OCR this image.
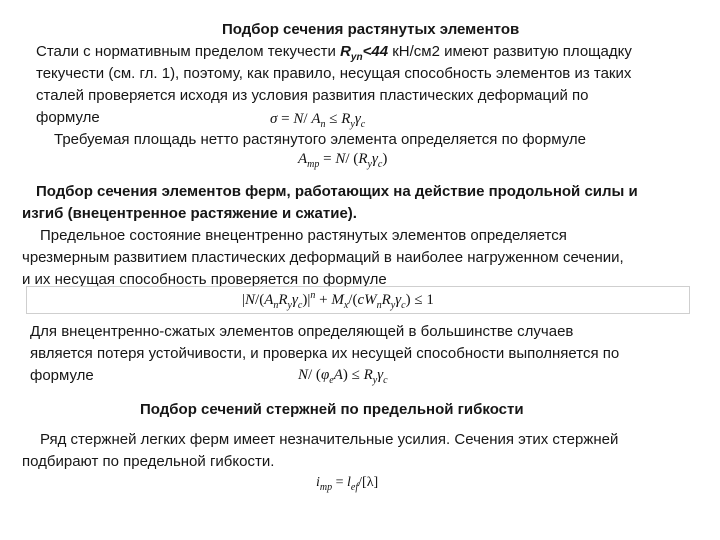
Подбор сечения растянутых элементов
Стали с нормативным пределом текучести $R_{yn}<44$ кН/см2 имеют развитую площадку
текучести (см. гл. 1), поэтому, как правило, несущая способность элементов из таких
сталей проверяется исходя из условия развития пластических деформаций по
формуле	σ = N/ $A_n \le R_y\gamma_c$
Требуемая площадь нетто растянутого элемента определяется по формуле
$A_{тр} = N/$ $(R_y\gamma_c)$
Подбор сечения элементов ферм, работающих на действие продольной силы и
изгиб (внецентренное растяжение и сжатие).
Предельное состояние внецентренно растянутых элементов определяется
чрезмерным развитием пластических деформаций в наиболее нагруженном сечении,
и их несущая способность проверяется по формуле
$|N/(A_nR_y\gamma_c)|^n + M_x/(cW_nR_y\gamma_c) \le 1$
Для внецентренно-сжатых элементов определяющей в большинстве случаев
является потеря устойчивости, и проверка их несущей способности выполняется по
формуле	N/ $(\varphi_eA) \le R_y\gamma_c$
Подбор сечений стержней по предельной гибкости
Ряд стержней легких ферм имеет незначительные усилия. Сечения этих стержней
подбирают по предельной гибкости.
$i_{тр} = l_{ef}/[\lambda]$
